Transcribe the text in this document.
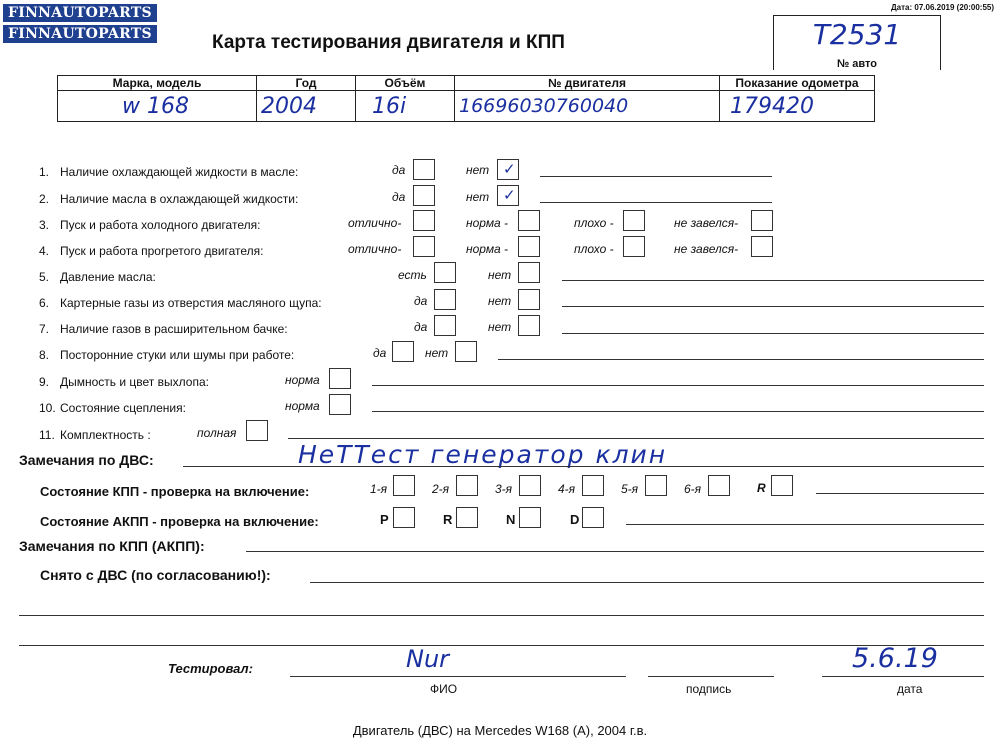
FINNAUTOPARTS
FINNAUTOPARTS
Дата: 07.06.2019 (20:00:55)
Карта тестирования двигателя и КПП	T2531
№ авто
Марка, модель	Год	Объём	№ двигателя	Показание одометра
w 168	2004	16i	16696030760040	179420
1. Наличие охлаждающей жидкости в масле:	да	нет ✓
2. Наличие масла в охлаждающей жидкости:	да	нет ✓
3. Пуск и работа холодного двигателя:	отлично-	норма -	плохо -	не завелся-
4. Пуск и работа прогретого двигателя:	отлично-	норма -	плохо -	не завелся-
5. Давление масла:	есть	нет
6. Картерные газы из отверстия масляного щупа:	да	нет
7. Наличие газов в расширительном бачке:	да	нет
8. Посторонние стуки или шумы при работе:	да	нет
9. Дымность и цвет выхлопа:	норма
10. Состояние сцепления:	норма
11. Комплектность :	полная
Замечания по ДВС:	НеТТест генератор клин
Состояние КПП - проверка на включение:	1-я	2-я	3-я	4-я	5-я	6-я	R
Состояние АКПП - проверка на включение:	P	R	N	D
Замечания по КПП (АКПП):
Снято с ДВС (по согласованию!):
Тестировал:	Nur	5.6.19
ФИО	подпись	дата
Двигатель (ДВС) на Mercedes W168 (A), 2004 г.в.
